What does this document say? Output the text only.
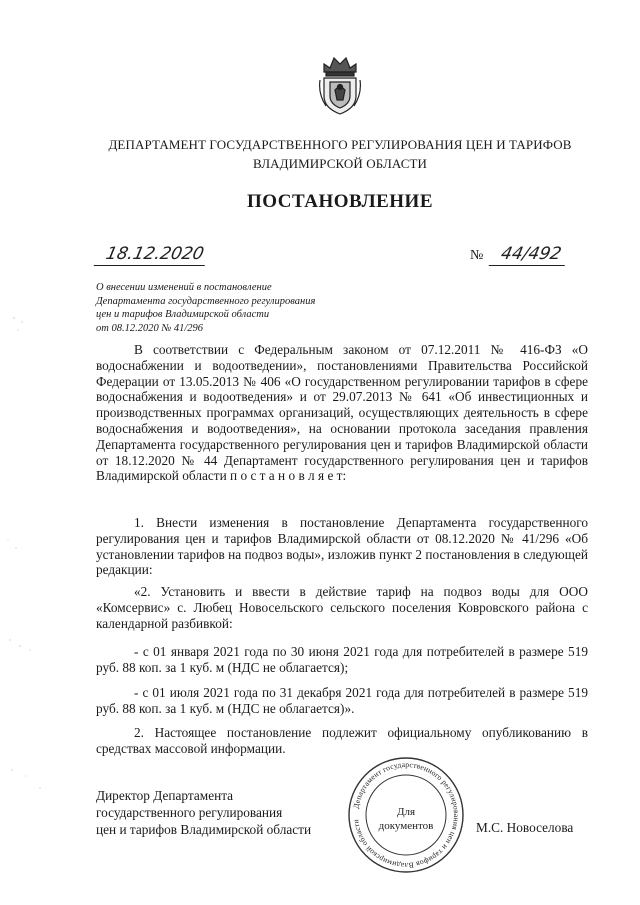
ДЕПАРТАМЕНТ ГОСУДАРСТВЕННОГО РЕГУЛИРОВАНИЯ ЦЕН И ТАРИФОВ
ВЛАДИМИРСКОЙ ОБЛАСТИ
ПОСТАНОВЛЕНИЕ
18.12.2020	№ 44/492
О внесении изменений в постановление
Департамента государственного регулирования
цен и тарифов Владимирской области
от 08.12.2020 № 41/296

В соответствии с Федеральным законом от 07.12.2011 № 416-ФЗ «О водоснабжении и водоотведении», постановлениями Правительства Российской Федерации от 13.05.2013 № 406 «О государственном регулировании тарифов в сфере водоснабжения и водоотведения» и от 29.07.2013 № 641 «Об инвестиционных и производственных программах организаций, осуществляющих деятельность в сфере водоснабжения и водоотведения», на основании протокола заседания правления Департамента государственного регулирования цен и тарифов Владимирской области от 18.12.2020 № 44 Департамент государственного регулирования цен и тарифов Владимирской области п о с т а н о в л я е т:

1. Внести изменения в постановление Департамента государственного регулирования цен и тарифов Владимирской области от 08.12.2020 № 41/296 «Об установлении тарифов на подвоз воды», изложив пункт 2 постановления в следующей редакции:

«2. Установить и ввести в действие тариф на подвоз воды для ООО «Комсервис» с. Любец Новосельского сельского поселения Ковровского района с календарной разбивкой:

- с 01 января 2021 года по 30 июня 2021 года для потребителей в размере 519 руб. 88 коп. за 1 куб. м (НДС не облагается);

- с 01 июля 2021 года по 31 декабря 2021 года для потребителей в размере 519 руб. 88 коп. за 1 куб. м (НДС не облагается)».

2. Настоящее постановление подлежит официальному опубликованию в средствах массовой информации.

Директор Департамента
государственного регулирования
цен и тарифов Владимирской области	М.С. Новоселова
Департамент государственного регулирования цен и тарифов Владимирской области
Для
документов
